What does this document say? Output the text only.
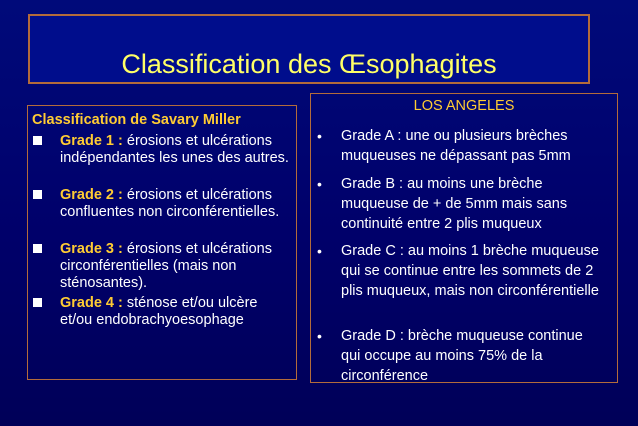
Classification des Œsophagites
Classification de Savary Miller
Grade 1 : érosions et ulcérations indépendantes les unes des autres.
Grade 2 : érosions et ulcérations confluentes non circonférentielles.
Grade 3 : érosions et ulcérations circonférentielles (mais non sténosantes).
Grade 4 : sténose et/ou ulcère et/ou endobrachyoesophage
LOS ANGELES
• Grade A : une ou plusieurs brèches muqueuses ne dépassant pas 5mm
• Grade B : au moins une brèche muqueuse de + de 5mm mais sans continuité entre 2 plis muqueux
• Grade C : au moins 1 brèche muqueuse qui se continue entre les sommets de 2 plis muqueux, mais non circonférentielle
• Grade D : brèche muqueuse continue qui occupe au moins 75% de la circonférence
